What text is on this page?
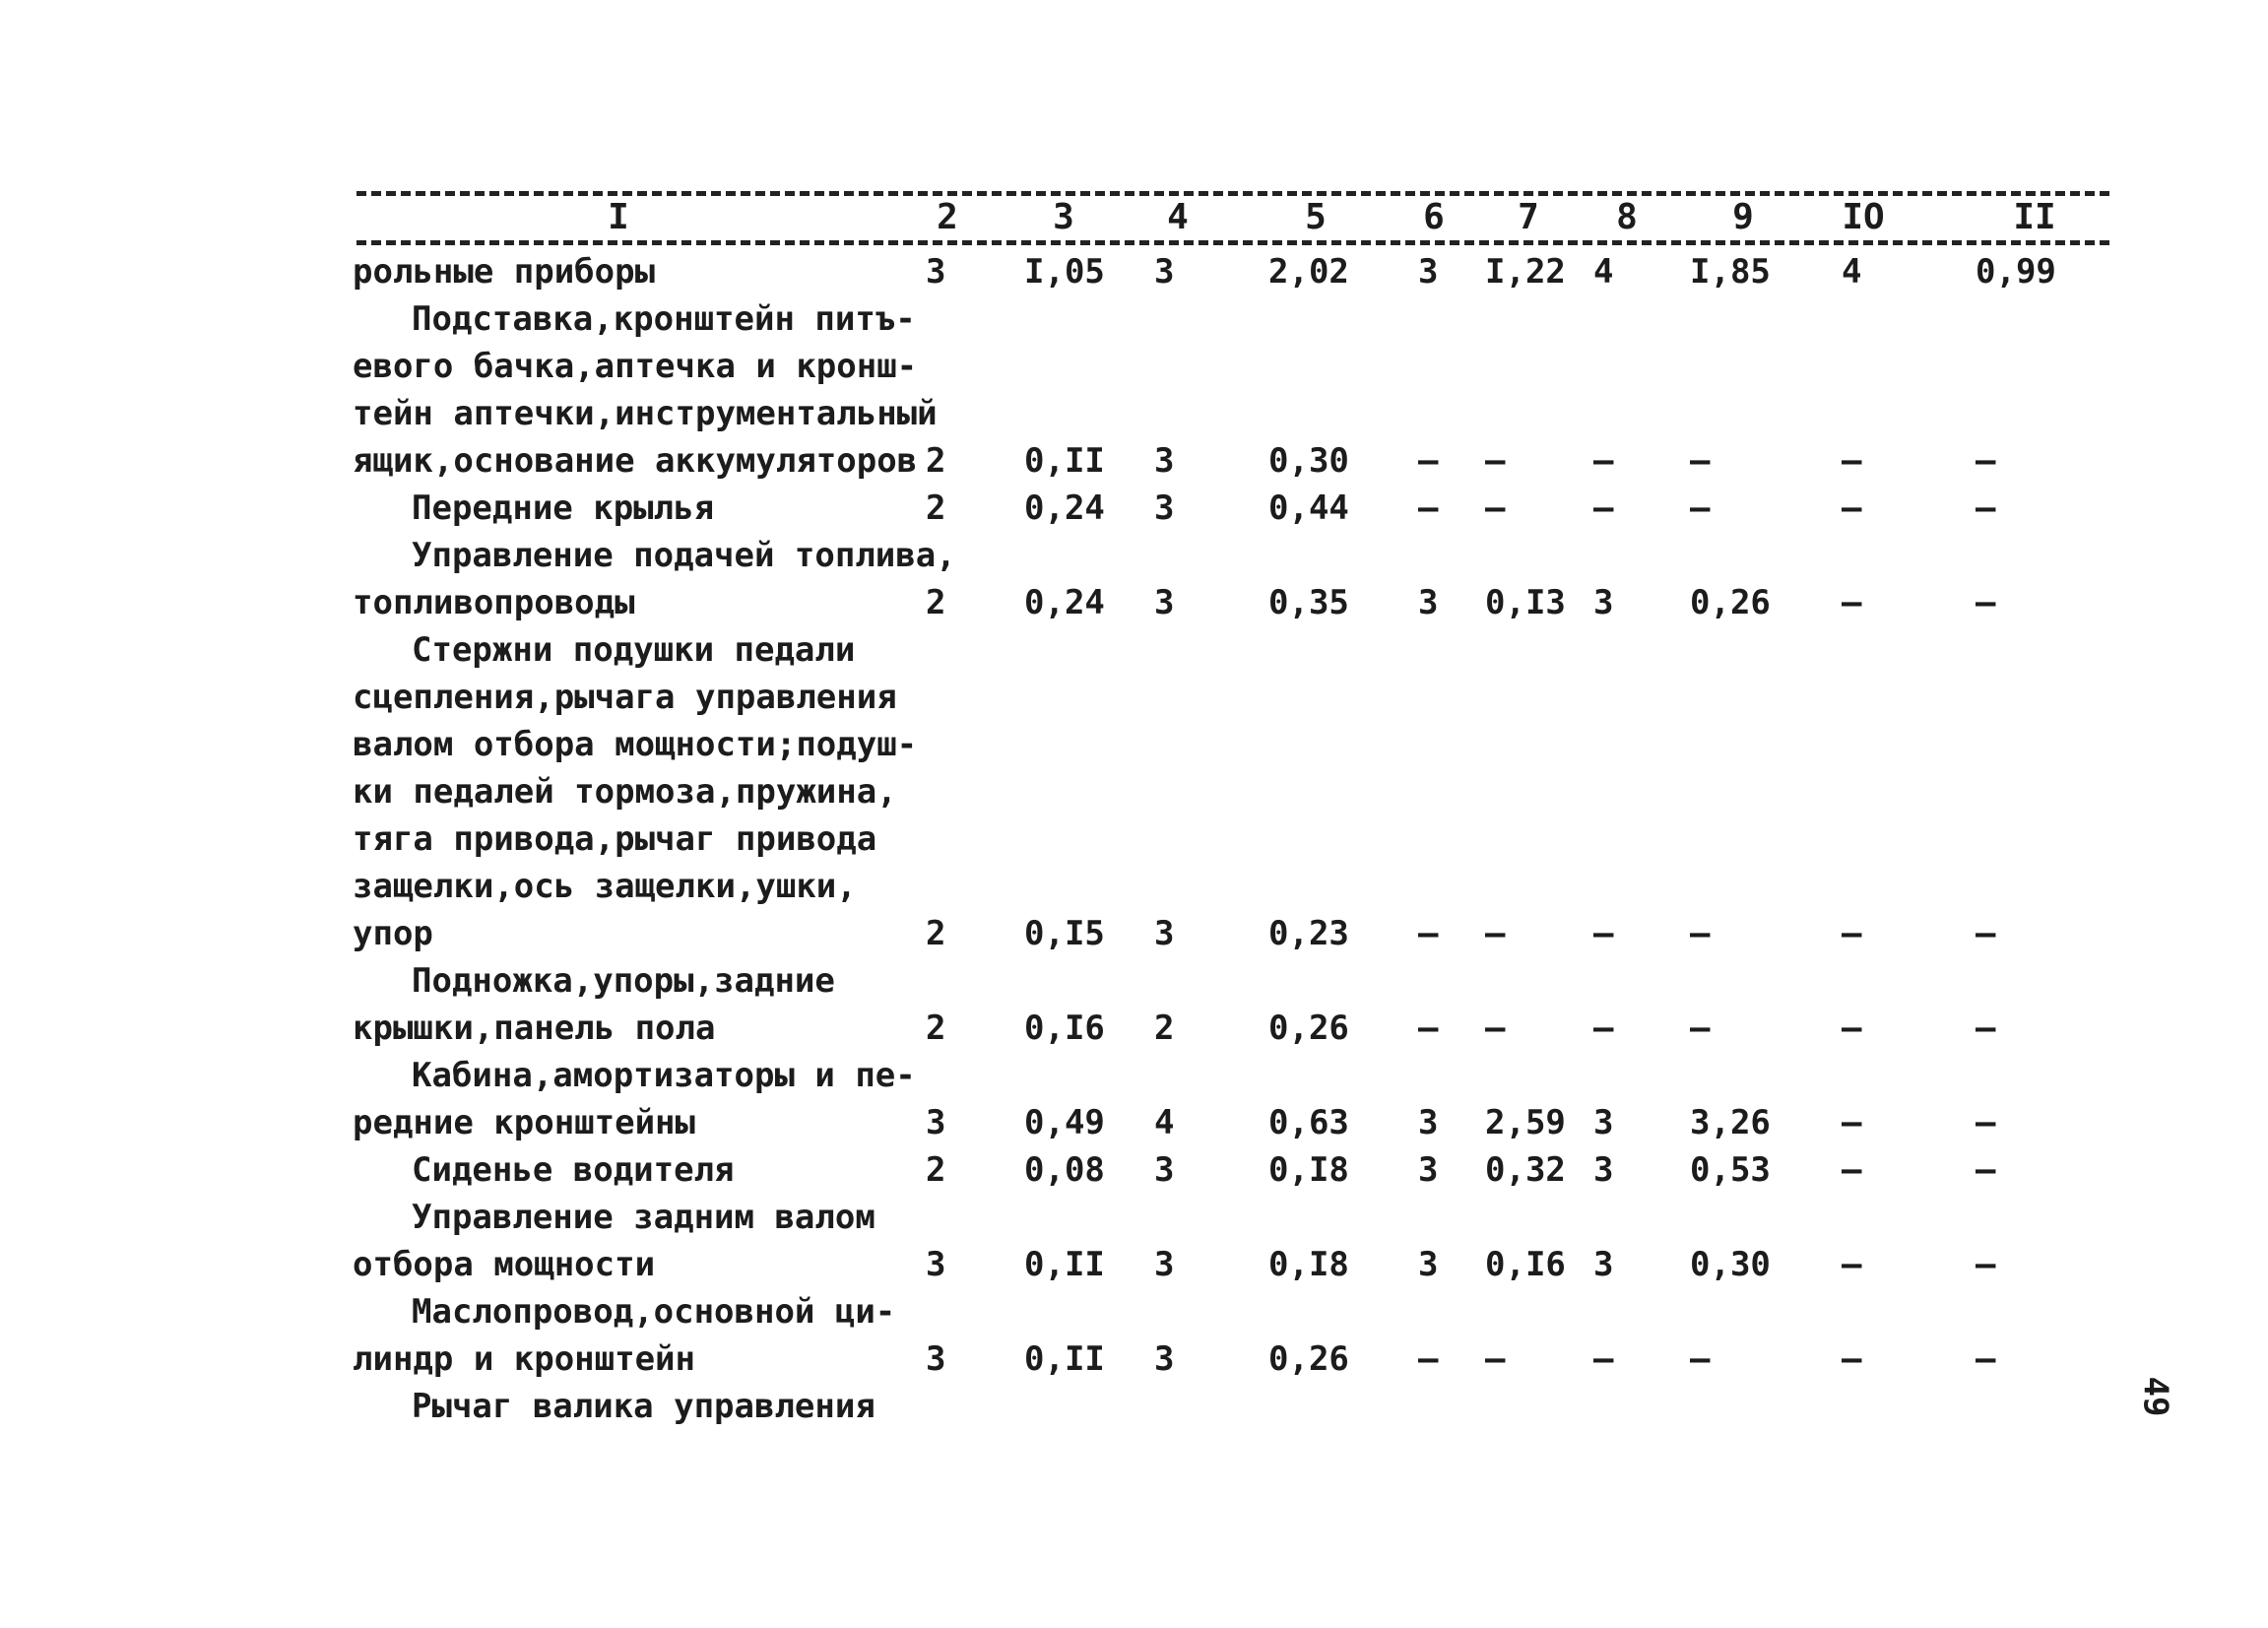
I	2	3	4	5	6	7	8	9	IO	II
рольные приборы	3 I,05 3	2,02 3 I,22 4 I,85 4	0,99
Подставка,кронштейн питъ-
евого бачка,аптечка и кронш-
тейн аптечки,инструментальный
ящик,основание аккумуляторов 2 0,II 3	0,30 – –	– –	–	–
Передние крылья	2 0,24 3	0,44 – –	– –	–	–
Управление подачей топлива,
топливопроводы	2 0,24 3	0,35 3 0,I3 3 0,26 –	–
Стержни подушки педали
сцепления,рычага управления
валом отбора мощности;подуш-
ки педалей тормоза,пружина,
тяга привода,рычаг привода
защелки,ось защелки,ушки,
упор	2 0,I5 3	0,23 – –	– –	–	–
Подножка,упоры,задние
крышки,панель пола	2 0,I6 2	0,26 – –	– –	–	–
Кабина,амортизаторы и пе-
редние кронштейны	3 0,49 4	0,63 3 2,59 3 3,26 –	–
Сиденье водителя	2 0,08 3	0,I8 3 0,32 3 0,53 –	–
Управление задним валом
отбора мощности	3 0,II 3	0,I8 3 0,I6 3 0,30 –	–
Маслопровод,основной ци-
линдр и кронштейн	3 0,II 3	0,26 – –	– –	–	–
Рычаг валика управления	49
